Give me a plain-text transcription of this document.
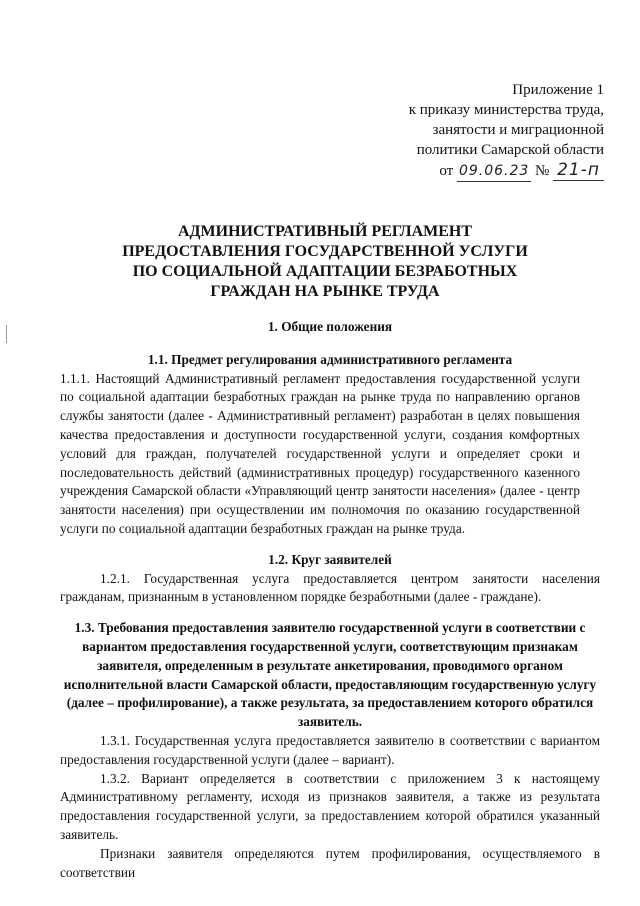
Приложение 1
к приказу министерства труда,
занятости и миграционной
политики Самарской области
от 09.06.23 № 21-п
АДМИНИСТРАТИВНЫЙ РЕГЛАМЕНТ
ПРЕДОСТАВЛЕНИЯ ГОСУДАРСТВЕННОЙ УСЛУГИ
ПО СОЦИАЛЬНОЙ АДАПТАЦИИ БЕЗРАБОТНЫХ
ГРАЖДАН НА РЫНКЕ ТРУДА

1. Общие положения

1.1. Предмет регулирования административного регламента

1.1.1. Настоящий Административный регламент предоставления государственной услуги по социальной адаптации безработных граждан на рынке труда по направлению органов службы занятости (далее - Административный регламент) разработан в целях повышения качества предоставления и доступности государственной услуги, создания комфортных условий для граждан, получателей государственной услуги и определяет сроки и последовательность действий (административных процедур) государственного казенного учреждения Самарской области «Управляющий центр занятости населения» (далее - центр занятости населения) при осуществлении им полномочия по оказанию государственной услуги по социальной адаптации безработных граждан на рынке труда.

1.2. Круг заявителей

1.2.1. Государственная услуга предоставляется центром занятости населения гражданам, признанным в установленном порядке безработными (далее - граждане).

1.3. Требования предоставления заявителю государственной услуги в соответствии с вариантом предоставления государственной услуги, соответствующим признакам заявителя, определенным в результате анкетирования, проводимого органом исполнительной власти Самарской области, предоставляющим государственную услугу (далее – профилирование), а также результата, за предоставлением которого обратился заявитель.

1.3.1. Государственная услуга предоставляется заявителю в соответствии с вариантом предоставления государственной услуги (далее – вариант).

1.3.2. Вариант определяется в соответствии с приложением 3 к настоящему Административному регламенту, исходя из признаков заявителя, а также из результата предоставления государственной услуги, за предоставлением которой обратился указанный заявитель.

Признаки заявителя определяются путем профилирования, осуществляемого в соответствии
